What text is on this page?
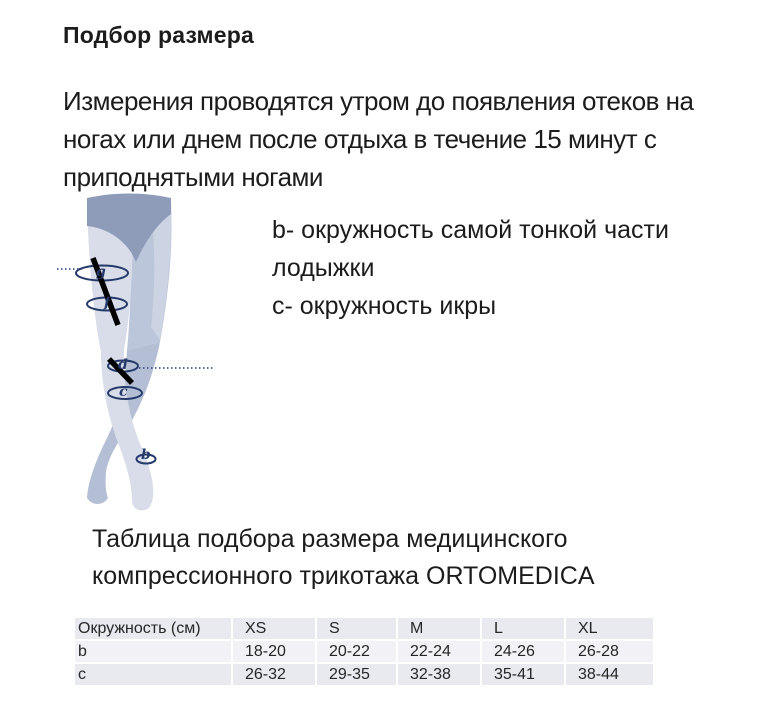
Подбор размера
Измерения проводятся утром до появления отеков на
ногах или днем после отдыха в течение 15 минут с
приподнятыми ногами
g
f
d
c
b
b- окружность самой тонкой части лодыжки
c- окружность икры
Таблица подбора размера медицинского компрессионного трикотажа ORTOMEDICA
Окружность (см)	XS	S	M	L	XL
b	18-20	20-22	22-24	24-26	26-28
c	26-32	29-35	32-38	35-41	38-44
